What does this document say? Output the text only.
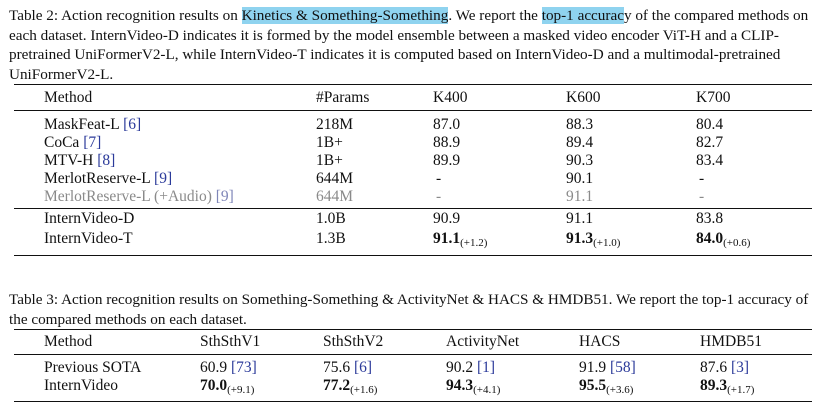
Table 2: Action recognition results on Kinetics & Something-Something. We report the top-1 accuracy of the compared methods on each dataset. InternVideo-D indicates it is formed by the model ensemble between a masked video encoder ViT-H and a CLIP-pretrained UniFormerV2-L, while InternVideo-T indicates it is computed based on InternVideo-D and a multimodal-pretrained UniFormerV2-L.
Method	#Params	K400	K600	K700
MaskFeat-L [6]	218M	87.0	88.3	80.4
CoCa [7]	1B+	88.9	89.4	82.7
MTV-H [8]	1B+	89.9	90.3	83.4
MerlotReserve-L [9]	644M	-	90.1	-
MerlotReserve-L (+Audio) [9]	644M	-	91.1	-
InternVideo-D	1.0B	90.9	91.1	83.8
InternVideo-T	1.3B	$91.1_{(+1.2)}$	$91.3_{(+1.0)}$	$84.0_{(+0.6)}$
Table 3: Action recognition results on Something-Something & ActivityNet & HACS & HMDB51. We report the top-1 accuracy of the compared methods on each dataset.
Method	SthSthV1	SthSthV2	ActivityNet	HACS	HMDB51
Previous SOTA	60.9 [73]	75.6 [6]	90.2 [1]	91.9 [58]	87.6 [3]
InternVideo	$70.0_{(+9.1)}$	$77.2_{(+1.6)}$	$94.3_{(+4.1)}$	$95.5_{(+3.6)}$	$89.3_{(+1.7)}$
